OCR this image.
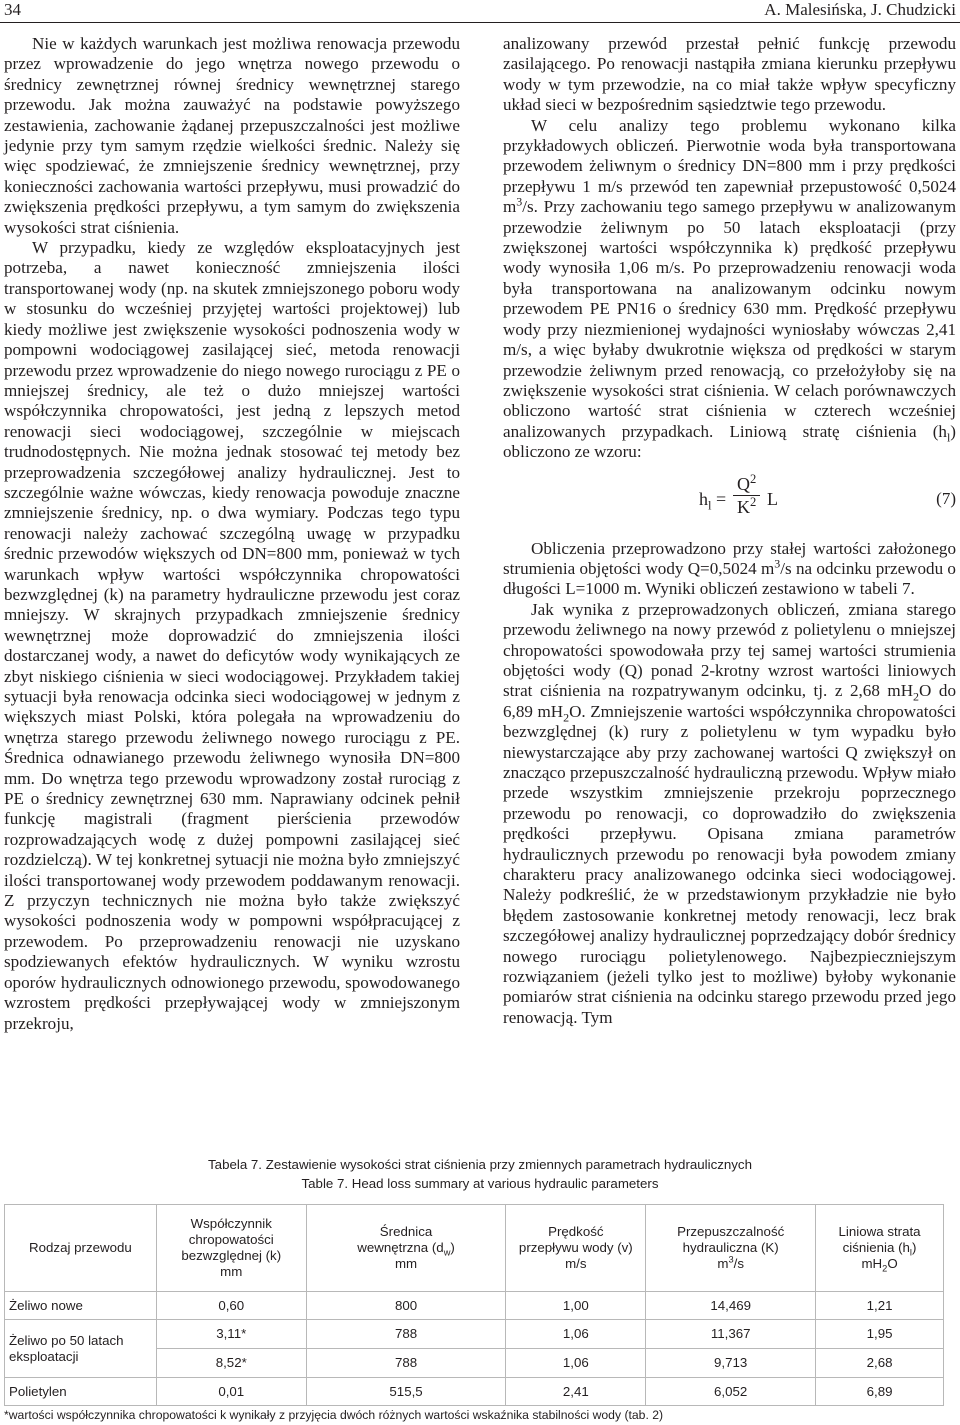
34	A. Malesińska, J. Chudzicki

Nie w każdych warunkach jest możliwa renowacja przewodu przez wprowadzenie do jego wnętrza nowego przewodu o średnicy zewnętrznej równej średnicy wewnętrznej starego przewodu. Jak można zauważyć na podstawie powyższego zestawienia, zachowanie żądanej przepuszczalności jest możliwe jedynie przy tym samym rzędzie wielkości średnic. Należy się więc spodziewać, że zmniejszenie średnicy wewnętrznej, przy konieczności zachowania wartości przepływu, musi prowadzić do zwiększenia prędkości przepływu, a tym samym do zwiększenia wysokości strat ciśnienia.

W przypadku, kiedy ze względów eksploatacyjnych jest potrzeba, a nawet konieczność zmniejszenia ilości transportowanej wody (np. na skutek zmniejszonego poboru wody w stosunku do wcześniej przyjętej wartości projektowej) lub kiedy możliwe jest zwiększenie wysokości podnoszenia wody w pompowni wodociągowej zasilającej sieć, metoda renowacji przewodu przez wprowadzenie do niego nowego rurociągu z PE o mniejszej średnicy, ale też o dużo mniejszej wartości współczynnika chropowatości, jest jedną z lepszych metod renowacji sieci wodociągowej, szczególnie w miejscach trudnodostępnych. Nie można jednak stosować tej metody bez przeprowadzenia szczegółowej analizy hydraulicznej. Jest to szczególnie ważne wówczas, kiedy renowacja powoduje znaczne zmniejszenie średnicy, np. o dwa wymiary. Podczas tego typu renowacji należy zachować szczególną uwagę w przypadku średnic przewodów większych od DN=800 mm, ponieważ w tych warunkach wpływ wartości współczynnika chropowatości bezwzględnej (k) na parametry hydrauliczne przewodu jest coraz mniejszy. W skrajnych przypadkach zmniejszenie średnicy wewnętrznej może doprowadzić do zmniejszenia ilości dostarczanej wody, a nawet do deficytów wody wynikających ze zbyt niskiego ciśnienia w sieci wodociągowej. Przykładem takiej sytuacji była renowacja odcinka sieci wodociągowej w jednym z większych miast Polski, która polegała na wprowadzeniu do wnętrza starego przewodu żeliwnego nowego rurociągu z PE. Średnica odnawianego przewodu żeliwnego wynosiła DN=800 mm. Do wnętrza tego przewodu wprowadzony został rurociąg z PE o średnicy zewnętrznej 630 mm. Naprawiany odcinek pełnił funkcję magistrali (fragment pierścienia przewodów rozprowadzających wodę z dużej pompowni zasilającej sieć rozdzielczą). W tej konkretnej sytuacji nie można było zmniejszyć ilości transportowanej wody przewodem poddawanym renowacji. Z przyczyn technicznych nie można było także zwiększyć wysokości podnoszenia wody w pompowni współpracującej z przewodem. Po przeprowadzeniu renowacji nie uzyskano spodziewanych efektów hydraulicznych. W wyniku wzrostu oporów hydraulicznych odnowionego przewodu, spowodowanego wzrostem prędkości przepływającej wody w zmniejszonym przekroju,

analizowany przewód przestał pełnić funkcję przewodu zasilającego. Po renowacji nastąpiła zmiana kierunku przepływu wody w tym przewodzie, na co miał także wpływ specyficzny układ sieci w bezpośrednim sąsiedztwie tego przewodu.

W celu analizy tego problemu wykonano kilka przykładowych obliczeń. Pierwotnie woda była transportowana przewodem żeliwnym o średnicy DN=800 mm i przy prędkości przepływu 1 m/s przewód ten zapewniał przepustowość 0,5024 $m^3/s$. Przy zachowaniu tego samego przepływu w analizowanym przewodzie żeliwnym po 50 latach eksploatacji (przy zwiększonej wartości współczynnika k) prędkość przepływu wody wynosiła 1,06 m/s. Po przeprowadzeniu renowacji woda była transportowana na analizowanym odcinku nowym przewodem PE PN16 o średnicy 630 mm. Prędkość przepływu wody przy niezmienionej wydajności wyniosłaby wówczas 2,41 m/s, a więc byłaby dwukrotnie większa od prędkości w starym przewodzie żeliwnym przed renowacją, co przełożyłoby się na zwiększenie wysokości strat ciśnienia. W celach porównawczych obliczono wartość strat ciśnienia w czterech wcześniej analizowanych przypadkach. Liniową stratę ciśnienia $(h_l)$ obliczono ze wzoru:

$h_l = \frac{Q^2}{K^2}$ L	(7)

Obliczenia przeprowadzono przy stałej wartości założonego strumienia objętości wody Q=0,5024 $m^3/s$ na odcinku przewodu o długości L=1000 m. Wyniki obliczeń zestawiono w tabeli 7.

Jak wynika z przeprowadzonych obliczeń, zmiana starego przewodu żeliwnego na nowy przewód z polietylenu o mniejszej chropowatości spowodowała przy tej samej wartości strumienia objętości wody (Q) ponad 2-krotny wzrost wartości liniowych strat ciśnienia na rozpatrywanym odcinku, tj. z 2,68 $mH_2O$ do 6,89 $mH_2O$. Zmniejszenie wartości współczynnika chropowatości bezwzględnej (k) rury z polietylenu w tym wypadku było niewystarczające aby przy zachowanej wartości Q zwiększył on znacząco przepuszczalność hydrauliczną przewodu. Wpływ miało przede wszystkim zmniejszenie przekroju poprzecznego przewodu po renowacji, co doprowadziło do zwiększenia prędkości przepływu. Opisana zmiana parametrów hydraulicznych przewodu po renowacji była powodem zmiany charakteru pracy analizowanego odcinka sieci wodociągowej. Należy podkreślić, że w przedstawionym przykładzie nie było błędem zastosowanie konkretnej metody renowacji, lecz brak szczegółowej analizy hydraulicznej poprzedzający dobór średnicy nowego rurociągu polietylenowego. Najbezpieczniejszym rozwiązaniem (jeżeli tylko jest to możliwe) byłoby wykonanie pomiarów strat ciśnienia na odcinku starego przewodu przed jego renowacją. Tym

Tabela 7. Zestawienie wysokości strat ciśnienia przy zmiennych parametrach hydraulicznych
Table 7. Head loss summary at various hydraulic parameters
Rodzaj przewodu	Współczynnik
chropowatości
bezwzględnej (k)
mm	Średnica
wewnętrzna $(d_w)$
mm	Prędkość
przepływu wody (v)
m/s	Przepuszczalność
hydrauliczna (K)
$m^3/s$	Liniowa strata
ciśnienia $(h_l)$
$mH_2O$
Żeliwo nowe	0,60	800	1,00	14,469	1,21
Żeliwo po 50 latach eksploatacji	3,11*	788	1,06	11,367	1,95
	8,52*	788	1,06	9,713	2,68
Polietylen	0,01	515,5	2,41	6,052	6,89
*wartości współczynnika chropowatości k wynikały z przyjęcia dwóch różnych wartości wskaźnika stabilności wody (tab. 2)
